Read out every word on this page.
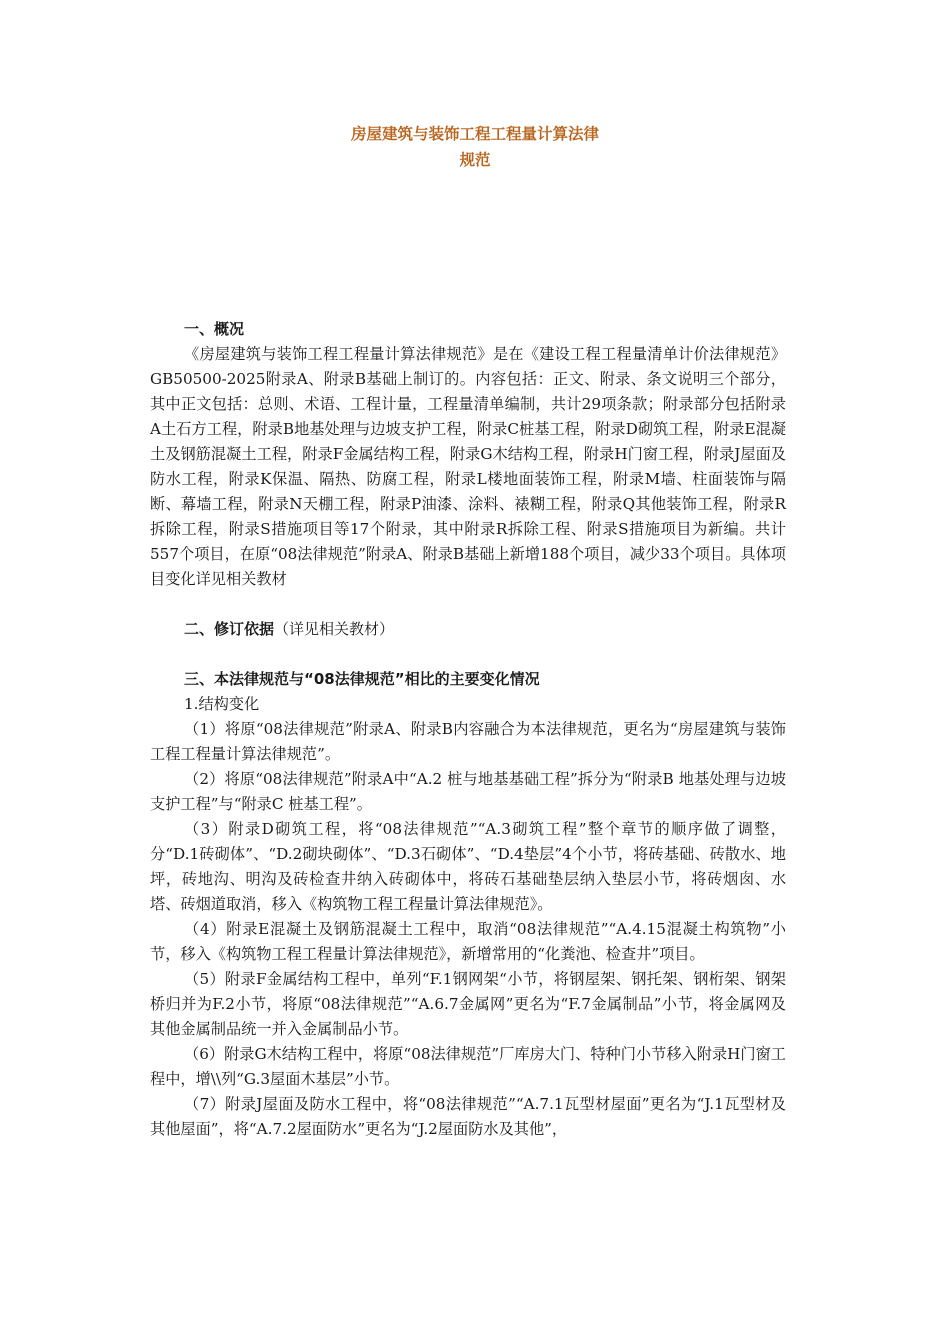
房屋建筑与装饰工程工程量计算法律
规范
一、概况

《房屋建筑与装饰工程工程量计算法律规范》是在《建设工程工程量清单计价法律规范》GB50500-2025附录A、附录B基础上制订的。内容包括：正文、附录、条文说明三个部分，其中正文包括：总则、术语、工程计量，工程量清单编制，共计29项条款；附录部分包括附录A土石方工程，附录B地基处理与边坡支护工程，附录C桩基工程，附录D砌筑工程，附录E混凝土及钢筋混凝土工程，附录F金属结构工程，附录G木结构工程，附录H门窗工程，附录J屋面及防水工程，附录K保温、隔热、防腐工程，附录L楼地面装饰工程，附录M墙、柱面装饰与隔断、幕墙工程，附录N天棚工程，附录P油漆、涂料、裱糊工程，附录Q其他装饰工程，附录R拆除工程，附录S措施项目等17个附录，其中附录R拆除工程、附录S措施项目为新编。共计557个项目，在原“08法律规范”附录A、附录B基础上新增188个项目，减少33个项目。具体项目变化详见相关教材

二、修订依据（详见相关教材）
三、本法律规范与“08法律规范”相比的主要变化情况
1.结构变化

（1）将原“08法律规范”附录A、附录B内容融合为本法律规范，更名为“房屋建筑与装饰工程工程量计算法律规范”。

（2）将原“08法律规范”附录A中“A.2 桩与地基基础工程”拆分为“附录B 地基处理与边坡支护工程”与“附录C 桩基工程”。

（3）附录D砌筑工程，将“08法律规范”“A.3砌筑工程”整个章节的顺序做了调整，分“D.1砖砌体”、“D.2砌块砌体”、“D.3石砌体”、“D.4垫层”4个小节，将砖基础、砖散水、地坪，砖地沟、明沟及砖检查井纳入砖砌体中，将砖石基础垫层纳入垫层小节，将砖烟囱、水塔、砖烟道取消，移入《构筑物工程工程量计算法律规范》。

（4）附录E混凝土及钢筋混凝土工程中，取消“08法律规范”“A.4.15混凝土构筑物”小节，移入《构筑物工程工程量计算法律规范》，新增常用的“化粪池、检查井”项目。

（5）附录F金属结构工程中，单列“F.1钢网架“小节，将钢屋架、钢托架、钢桁架、钢架桥归并为F.2小节，将原“08法律规范”“A.6.7金属网”更名为“F.7金属制品”小节，将金属网及其他金属制品统一并入金属制品小节。

（6）附录G木结构工程中，将原“08法律规范”厂库房大门、特种门小节移入附录H门窗工程中，增\\列“G.3屋面木基层”小节。

（7）附录J屋面及防水工程中，将“08法律规范”“A.7.1瓦型材屋面”更名为“J.1瓦型材及其他屋面”，将“A.7.2屋面防水”更名为“J.2屋面防水及其他”，
